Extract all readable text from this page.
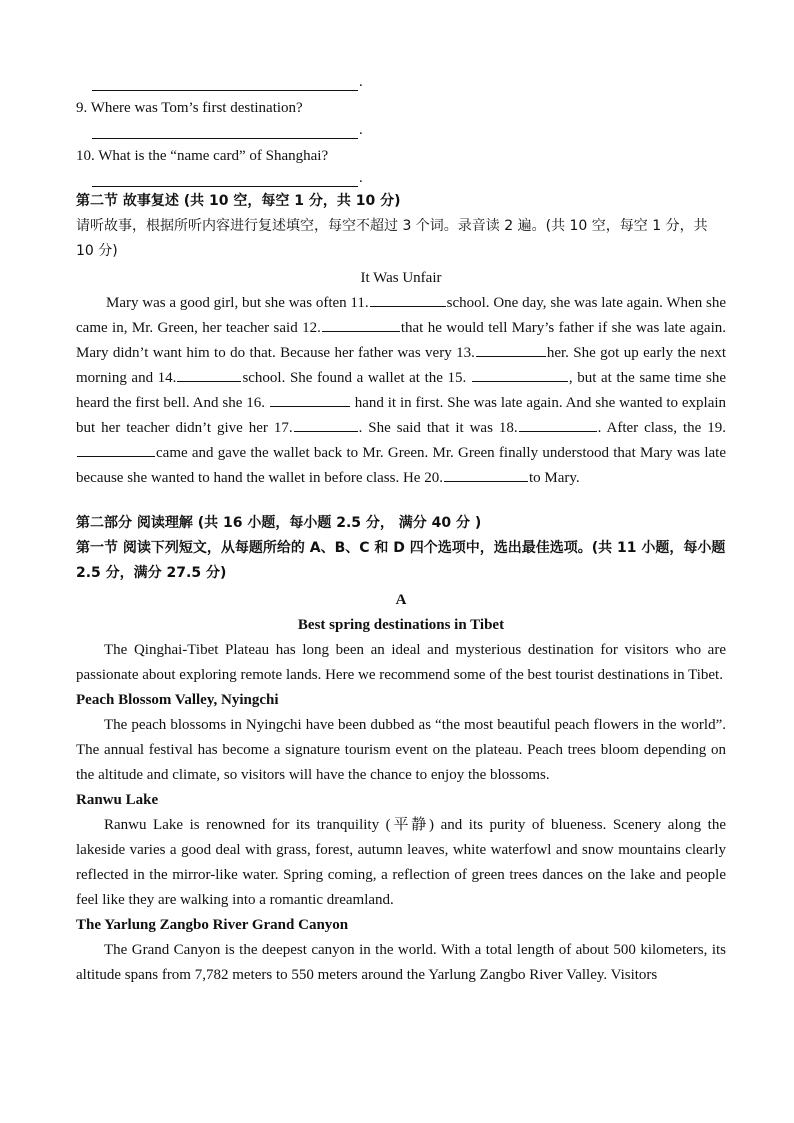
.
9. Where was Tom’s first destination?
.
10. What is the “name card” of Shanghai?
.
第二节 故事复述 (共 10 空，每空 1 分，共 10 分)
请听故事，根据所听内容进行复述填空，每空不超过 3 个词。录音读 2 遍。(共 10 空，每空 1 分，共 10 分)
It Was Unfair

Mary was a good girl, but she was often 11.	school. One day, she was late again. When she came in, Mr. Green, her teacher said 12.	that he would tell Mary’s father if she was late again. Mary didn’t want him to do that. Because her father was very 13.	her. She got up early the next morning and 14.	school. She found a wallet at the 15.	, but at the same time she heard the first bell. And she 16.	hand it in first. She was late again. And she wanted to explain but her teacher didn’t give her 17.	. She said that it was 18.	. After class, the 19.came and gave the wallet back to Mr. Green. Mr. Green finally understood that Mary was late because she wanted to hand the wallet in before class. He 20.	to Mary.

第二部分 阅读理解 (共 16 小题，每小题 2.5 分， 满分 40 分 )
第一节 阅读下列短文，从每题所给的 A、B、C 和 D 四个选项中，选出最佳选项。(共 11 小题，每小题 2.5 分，满分 27.5 分)
A
Best spring destinations in Tibet

The Qinghai-Tibet Plateau has long been an ideal and mysterious destination for visitors who are passionate about exploring remote lands. Here we recommend some of the best tourist destinations in Tibet.

Peach Blossom Valley, Nyingchi

The peach blossoms in Nyingchi have been dubbed as “the most beautiful peach flowers in the world”. The annual festival has become a signature tourism event on the plateau. Peach trees bloom depending on the altitude and climate, so visitors will have the chance to enjoy the blossoms.

Ranwu Lake

Ranwu Lake is renowned for its tranquility (平静) and its purity of blueness. Scenery along the lakeside varies a good deal with grass, forest, autumn leaves, white waterfowl and snow mountains clearly reflected in the mirror-like water. Spring coming, a reflection of green trees dances on the lake and people feel like they are walking into a romantic dreamland.

The Yarlung Zangbo River Grand Canyon

The Grand Canyon is the deepest canyon in the world. With a total length of about 500 kilometers, its altitude spans from 7,782 meters to 550 meters around the Yarlung Zangbo River Valley. Visitors
